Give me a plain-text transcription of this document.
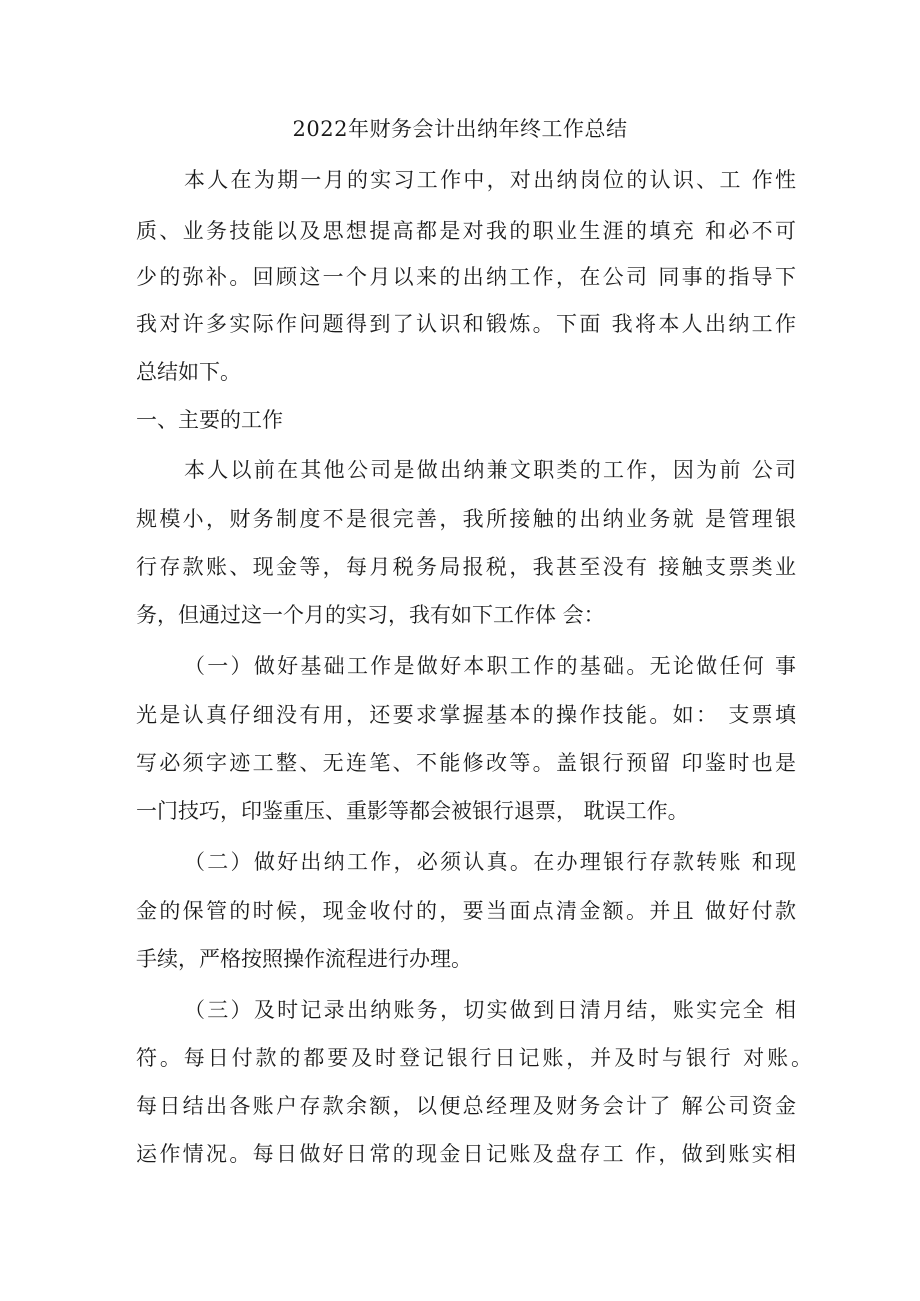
2022年财务会计出纳年终工作总结
本人在为期一月的实习工作中，对出纳岗位的认识、工 作性
质、业务技能以及思想提高都是对我的职业生涯的填充 和必不可
少的弥补。回顾这一个月以来的出纳工作，在公司 同事的指导下
我对许多实际作问题得到了认识和锻炼。下面 我将本人出纳工作
总结如下。
一、主要的工作
本人以前在其他公司是做出纳兼文职类的工作，因为前 公司
规模小，财务制度不是很完善，我所接触的出纳业务就 是管理银
行存款账、现金等，每月税务局报税，我甚至没有 接触支票类业
务，但通过这一个月的实习，我有如下工作体 会：
（一）做好基础工作是做好本职工作的基础。无论做任何 事
光是认真仔细没有用，还要求掌握基本的操作技能。如： 支票填
写必须字迹工整、无连笔、不能修改等。盖银行预留 印鉴时也是
一门技巧，印鉴重压、重影等都会被银行退票， 耽误工作。
（二）做好出纳工作，必须认真。在办理银行存款转账 和现
金的保管的时候，现金收付的，要当面点清金额。并且 做好付款
手续，严格按照操作流程进行办理。
（三）及时记录出纳账务，切实做到日清月结，账实完全 相
符。每日付款的都要及时登记银行日记账，并及时与银行 对账。
每日结出各账户存款余额，以便总经理及财务会计了 解公司资金
运作情况。每日做好日常的现金日记账及盘存工 作，做到账实相
